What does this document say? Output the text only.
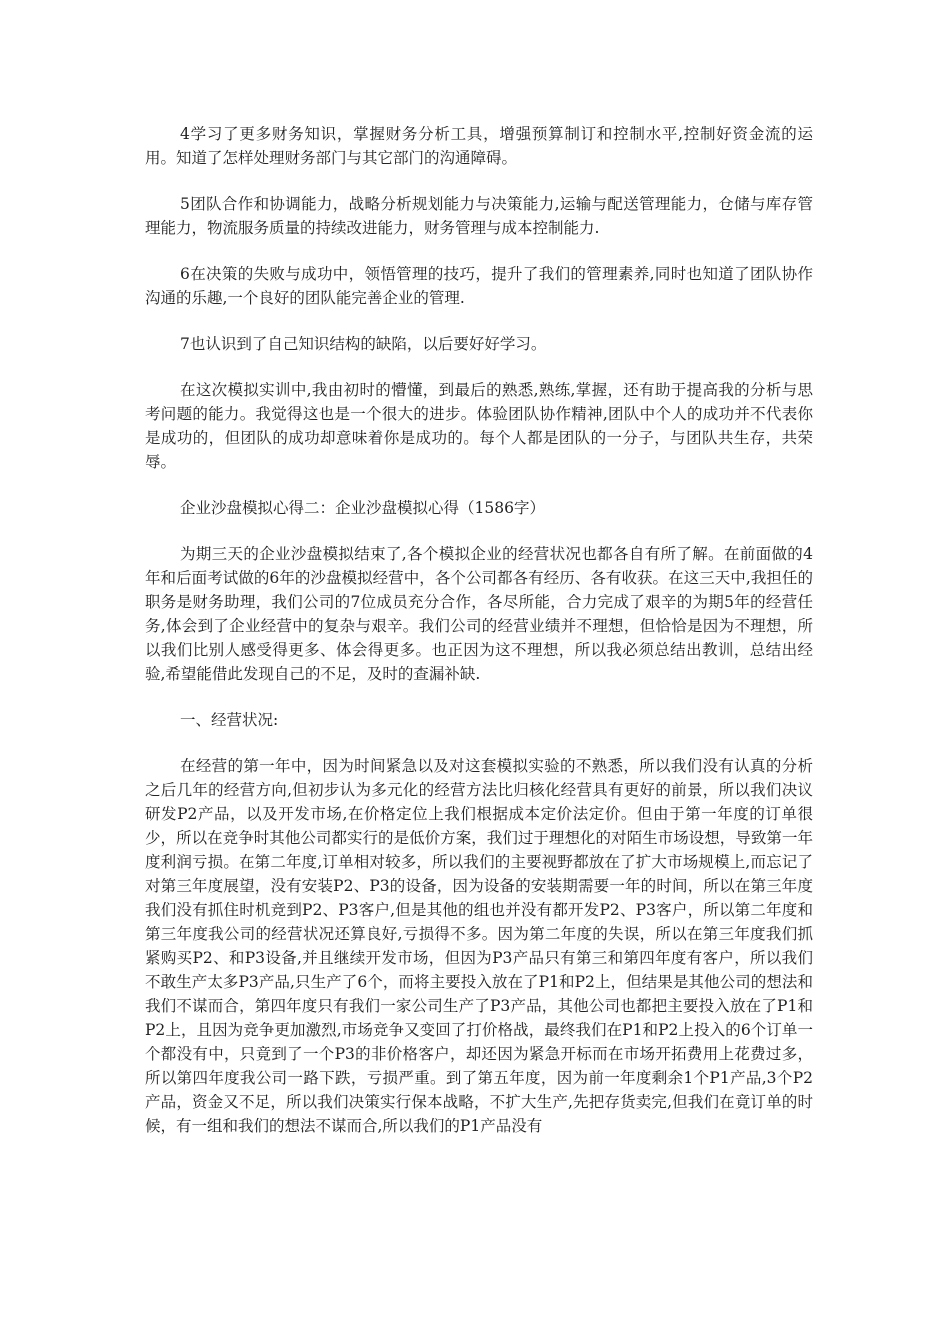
4学习了更多财务知识，掌握财务分析工具，增强预算制订和控制水平,控制好资金流的运用。知道了怎样处理财务部门与其它部门的沟通障碍。

5团队合作和协调能力，战略分析规划能力与决策能力,运输与配送管理能力，仓储与库存管理能力，物流服务质量的持续改进能力，财务管理与成本控制能力.

6在决策的失败与成功中，领悟管理的技巧，提升了我们的管理素养,同时也知道了团队协作沟通的乐趣,一个良好的团队能完善企业的管理.

7也认识到了自己知识结构的缺陷，以后要好好学习。

在这次模拟实训中,我由初时的懵懂，到最后的熟悉,熟练,掌握，还有助于提高我的分析与思考问题的能力。我觉得这也是一个很大的进步。体验团队协作精神,团队中个人的成功并不代表你是成功的，但团队的成功却意味着你是成功的。每个人都是团队的一分子，与团队共生存，共荣辱。

企业沙盘模拟心得二：企业沙盘模拟心得（1586字）

为期三天的企业沙盘模拟结束了,各个模拟企业的经营状况也都各自有所了解。在前面做的4年和后面考试做的6年的沙盘模拟经营中，各个公司都各有经历、各有收获。在这三天中,我担任的职务是财务助理，我们公司的7位成员充分合作，各尽所能，合力完成了艰辛的为期5年的经营任务,体会到了企业经营中的复杂与艰辛。我们公司的经营业绩并不理想，但恰恰是因为不理想，所以我们比别人感受得更多、体会得更多。也正因为这不理想，所以我必须总结出教训，总结出经验,希望能借此发现自己的不足，及时的查漏补缺.

一、经营状况:

在经营的第一年中，因为时间紧急以及对这套模拟实验的不熟悉，所以我们没有认真的分析之后几年的经营方向,但初步认为多元化的经营方法比归核化经营具有更好的前景，所以我们决议研发P2产品，以及开发市场,在价格定位上我们根据成本定价法定价。但由于第一年度的订单很少，所以在竞争时其他公司都实行的是低价方案，我们过于理想化的对陌生市场设想，导致第一年度利润亏损。在第二年度,订单相对较多，所以我们的主要视野都放在了扩大市场规模上,而忘记了对第三年度展望，没有安装P2、P3的设备，因为设备的安装期需要一年的时间，所以在第三年度我们没有抓住时机竞到P2、P3客户,但是其他的组也并没有都开发P2、P3客户，所以第二年度和第三年度我公司的经营状况还算良好,亏损得不多。因为第二年度的失误，所以在第三年度我们抓紧购买P2、和P3设备,并且继续开发市场，但因为P3产品只有第三和第四年度有客户，所以我们不敢生产太多P3产品,只生产了6个，而将主要投入放在了P1和P2上，但结果是其他公司的想法和我们不谋而合，第四年度只有我们一家公司生产了P3产品，其他公司也都把主要投入放在了P1和P2上，且因为竞争更加激烈,市场竞争又变回了打价格战，最终我们在P1和P2上投入的6个订单一个都没有中，只竟到了一个P3的非价格客户，却还因为紧急开标而在市场开拓费用上花费过多，所以第四年度我公司一路下跌，亏损严重。到了第五年度，因为前一年度剩余1个P1产品,3个P2产品，资金又不足，所以我们决策实行保本战略，不扩大生产,先把存货卖完,但我们在竟订单的时候，有一组和我们的想法不谋而合,所以我们的P1产品没有
